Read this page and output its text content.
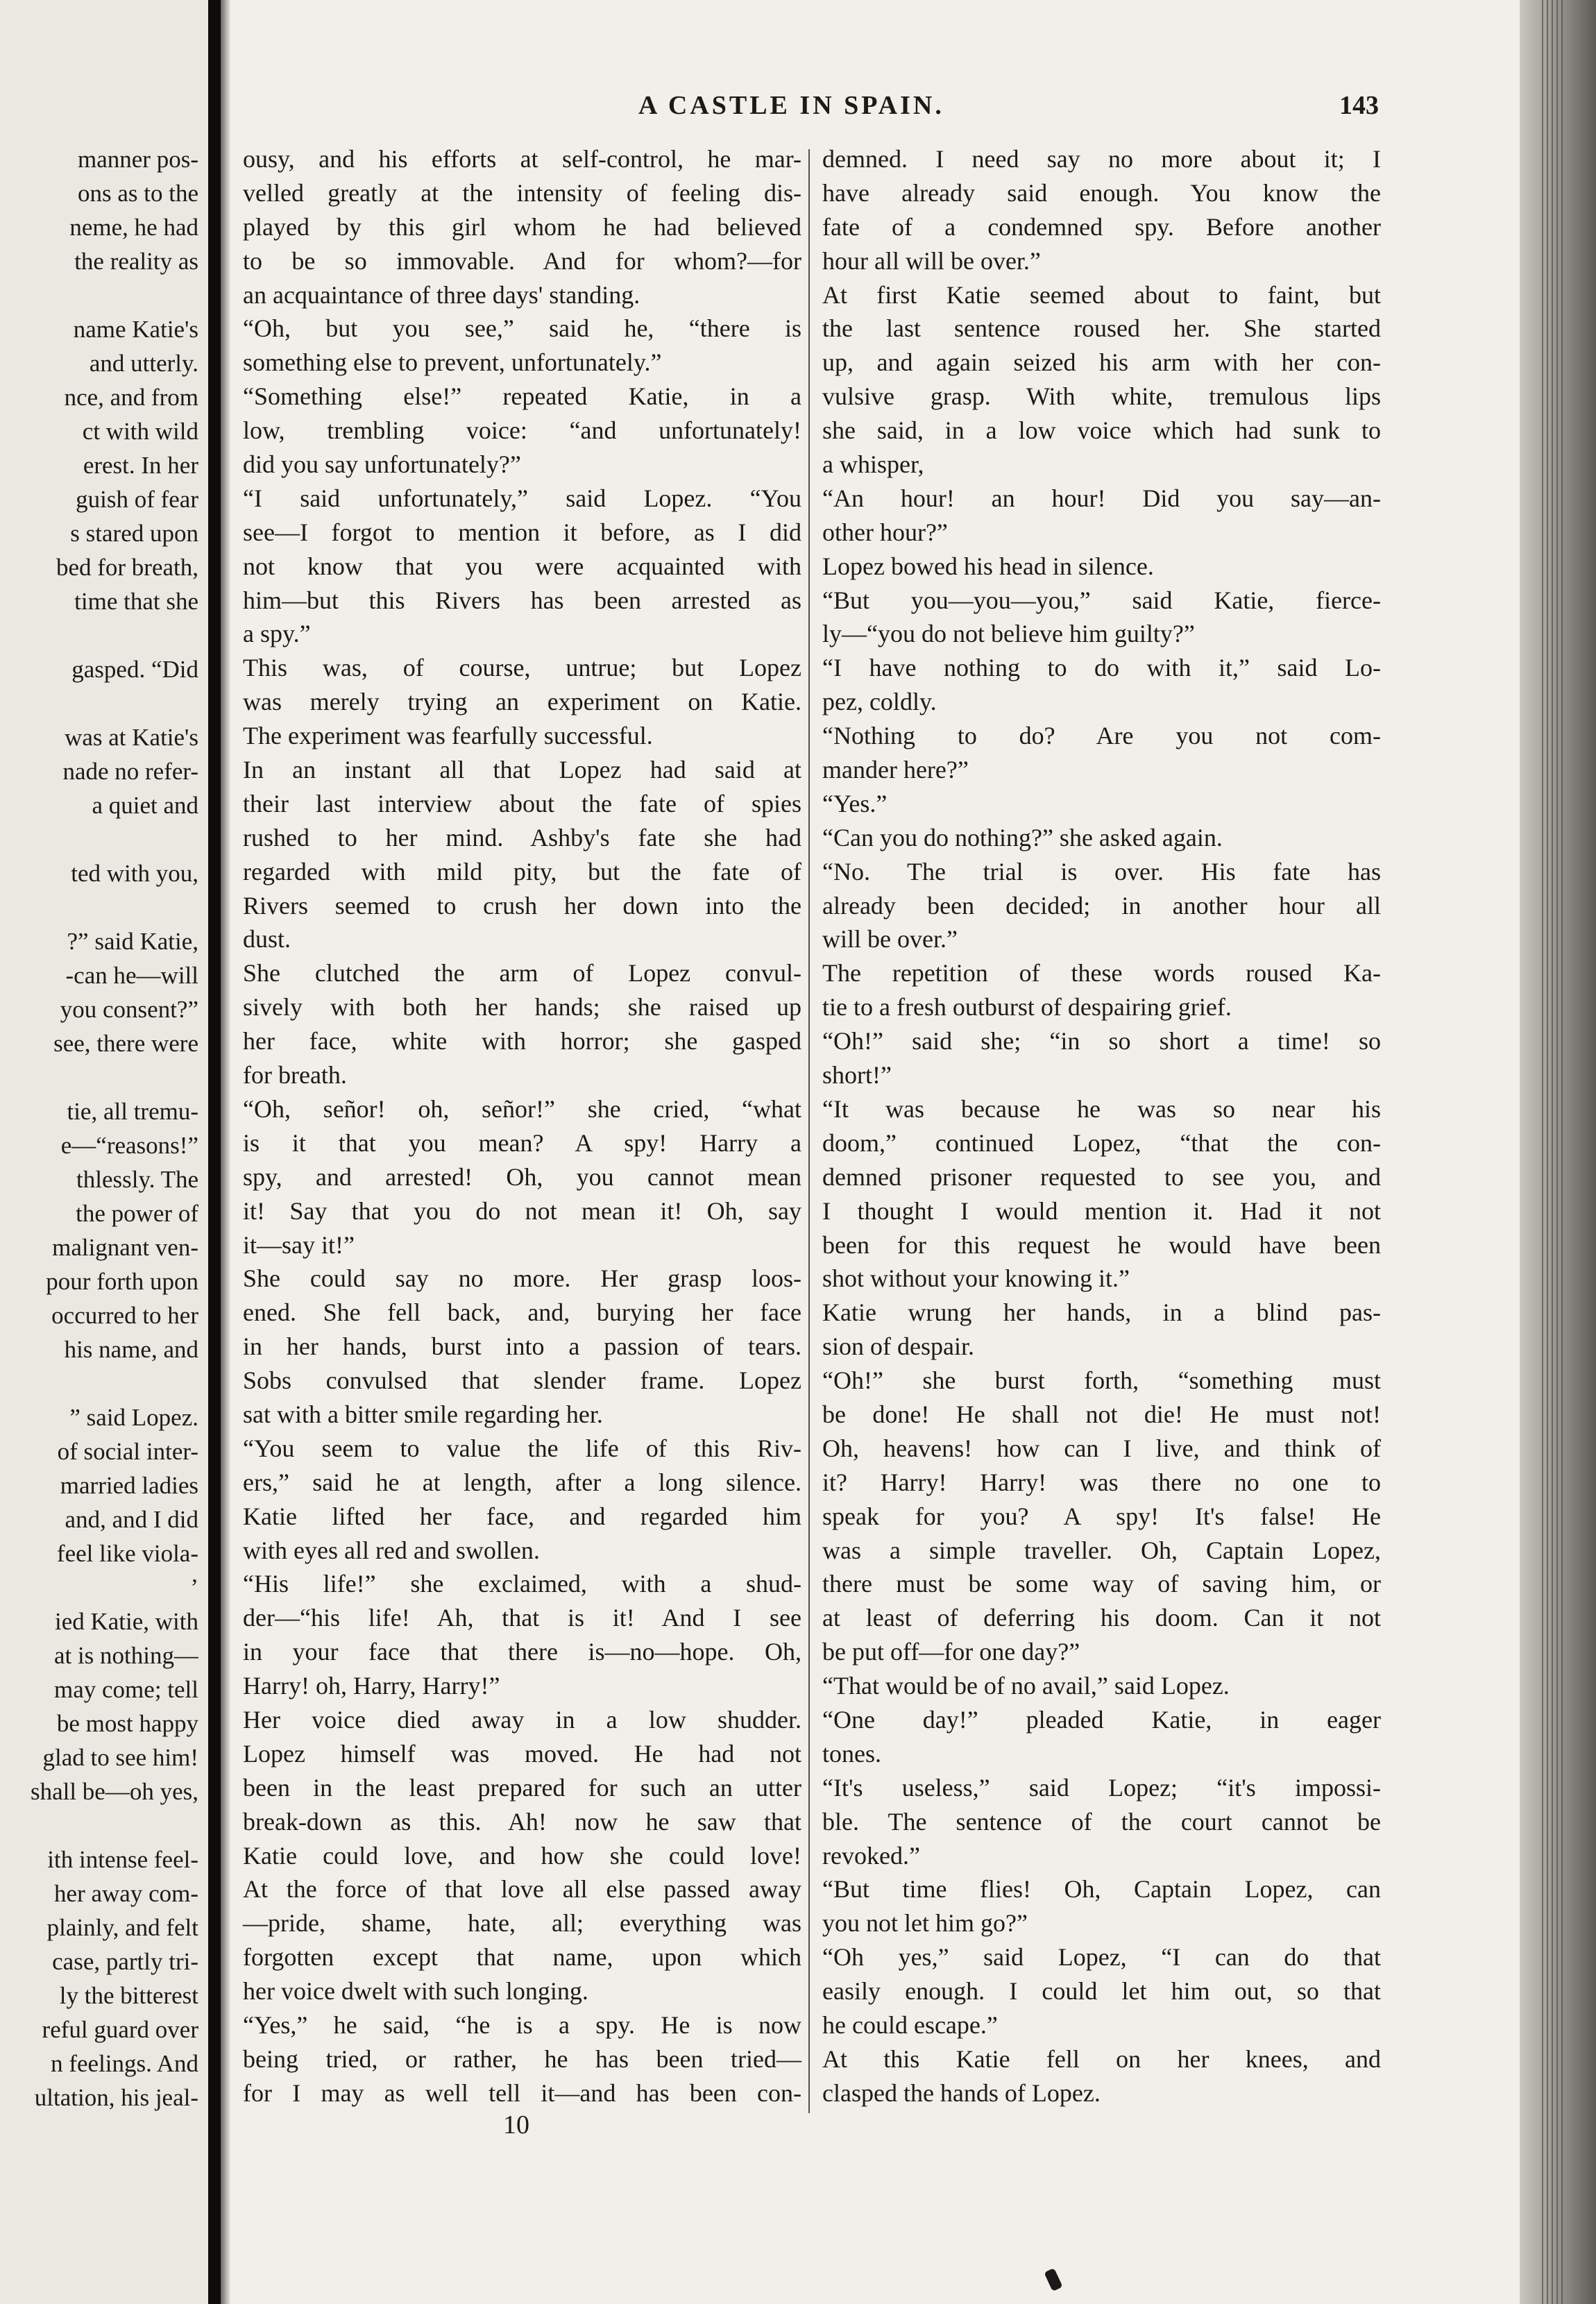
manner pos-
ons as to the
neme, he had
the reality as
name Katie's
and utterly.
nce, and from
ct with wild
erest. In her
guish of fear
s stared upon
bed for breath,
time that she
gasped. “Did
was at Katie's
nade no refer-
a quiet and
ted with you,
?” said Katie,
-can he—will
you consent?”
see, there were
tie, all tremu-
e—“reasons!”
thlessly. The
the power of
malignant ven-
pour forth upon
occurred to her
his name, and
” said Lopez.
of social inter-
married ladies
and, and I did
feel like viola-
’
ied Katie, with
at is nothing—
may come; tell
be most happy
glad to see him!
shall be—oh yes,
ith intense feel-
her away com-
plainly, and felt
case, partly tri-
ly the bitterest
reful guard over
n feelings. And
ultation, his jeal-
A CASTLE IN SPAIN.	143
ousy, and his efforts at self-control, he mar-
velled greatly at the intensity of feeling dis-
played by this girl whom he had believed
to be so immovable. And for whom?—for
an acquaintance of three days' standing.
“Oh, but you see,” said he, “there is
something else to prevent, unfortunately.”
“Something else!” repeated Katie, in a
low, trembling voice: “and unfortunately!
did you say unfortunately?”
“I said unfortunately,” said Lopez. “You
see—I forgot to mention it before, as I did
not know that you were acquainted with
him—but this Rivers has been arrested as
a spy.”
This was, of course, untrue; but Lopez
was merely trying an experiment on Katie.
The experiment was fearfully successful.
In an instant all that Lopez had said at
their last interview about the fate of spies
rushed to her mind. Ashby's fate she had
regarded with mild pity, but the fate of
Rivers seemed to crush her down into the
dust.
She clutched the arm of Lopez convul-
sively with both her hands; she raised up
her face, white with horror; she gasped
for breath.
“Oh, señor! oh, señor!” she cried, “what
is it that you mean? A spy! Harry a
spy, and arrested! Oh, you cannot mean
it! Say that you do not mean it! Oh, say
it—say it!”
She could say no more. Her grasp loos-
ened. She fell back, and, burying her face
in her hands, burst into a passion of tears.
Sobs convulsed that slender frame. Lopez
sat with a bitter smile regarding her.
“You seem to value the life of this Riv-
ers,” said he at length, after a long silence.
Katie lifted her face, and regarded him
with eyes all red and swollen.
“His life!” she exclaimed, with a shud-
der—“his life! Ah, that is it! And I see
in your face that there is—no—hope. Oh,
Harry! oh, Harry, Harry!”
Her voice died away in a low shudder.
Lopez himself was moved. He had not
been in the least prepared for such an utter
break-down as this. Ah! now he saw that
Katie could love, and how she could love!
At the force of that love all else passed away
—pride, shame, hate, all; everything was
forgotten except that name, upon which
her voice dwelt with such longing.
“Yes,” he said, “he is a spy. He is now
being tried, or rather, he has been tried—
for I may as well tell it—and has been con-
demned. I need say no more about it; I
have already said enough. You know the
fate of a condemned spy. Before another
hour all will be over.”
At first Katie seemed about to faint, but
the last sentence roused her. She started
up, and again seized his arm with her con-
vulsive grasp. With white, tremulous lips
she said, in a low voice which had sunk to
a whisper,
“An hour! an hour! Did you say—an-
other hour?”
Lopez bowed his head in silence.
“But you—you—you,” said Katie, fierce-
ly—“you do not believe him guilty?”
“I have nothing to do with it,” said Lo-
pez, coldly.
“Nothing to do? Are you not com-
mander here?”
“Yes.”
“Can you do nothing?” she asked again.
“No. The trial is over. His fate has
already been decided; in another hour all
will be over.”
The repetition of these words roused Ka-
tie to a fresh outburst of despairing grief.
“Oh!” said she; “in so short a time! so
short!”
“It was because he was so near his
doom,” continued Lopez, “that the con-
demned prisoner requested to see you, and
I thought I would mention it. Had it not
been for this request he would have been
shot without your knowing it.”
Katie wrung her hands, in a blind pas-
sion of despair.
“Oh!” she burst forth, “something must
be done! He shall not die! He must not!
Oh, heavens! how can I live, and think of
it? Harry! Harry! was there no one to
speak for you? A spy! It's false! He
was a simple traveller. Oh, Captain Lopez,
there must be some way of saving him, or
at least of deferring his doom. Can it not
be put off—for one day?”
“That would be of no avail,” said Lopez.
“One day!” pleaded Katie, in eager
tones.
“It's useless,” said Lopez; “it's impossi-
ble. The sentence of the court cannot be
revoked.”
“But time flies! Oh, Captain Lopez, can
you not let him go?”
“Oh yes,” said Lopez, “I can do that
easily enough. I could let him out, so that
he could escape.”
At this Katie fell on her knees, and
clasped the hands of Lopez.
10
